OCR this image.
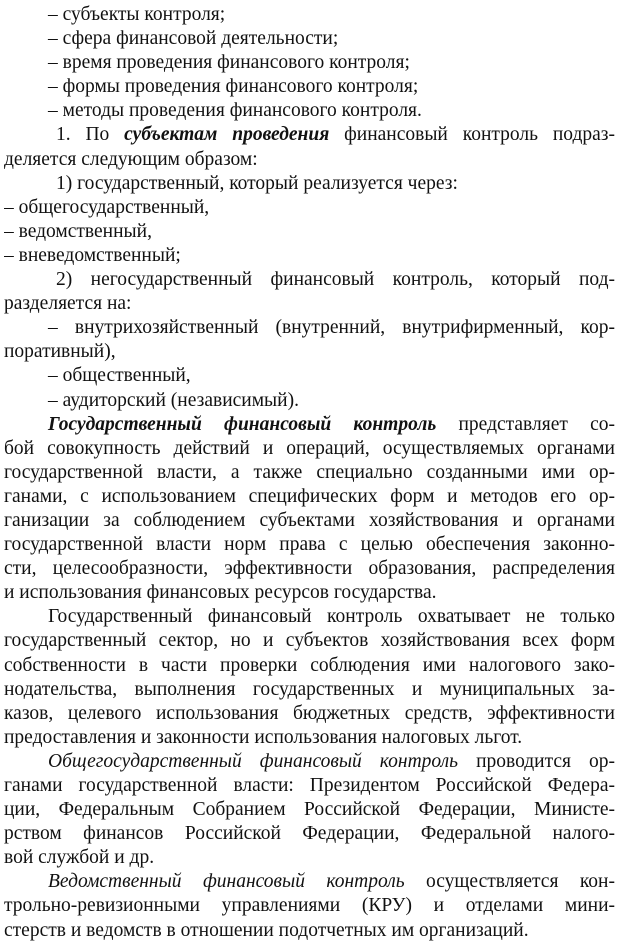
– субъекты контроля;
– сфера финансовой деятельности;
– время проведения финансового контроля;
– формы проведения финансового контроля;
– методы проведения финансового контроля.
1. По субъектам проведения финансовый контроль подраз-
деляется следующим образом:
1) государственный, который реализуется через:
– общегосударственный,
– ведомственный,
– вневедомственный;
2) негосударственный финансовый контроль, который под-
разделяется на:
– внутрихозяйственный (внутренний, внутрифирменный, кор-
поративный),
– общественный,
– аудиторский (независимый).
Государственный финансовый контроль представляет со-
бой совокупность действий и операций, осуществляемых органами
государственной власти, а также специально созданными ими ор-
ганами, с использованием специфических форм и методов его ор-
ганизации за соблюдением субъектами хозяйствования и органами
государственной власти норм права с целью обеспечения законно-
сти, целесообразности, эффективности образования, распределения
и использования финансовых ресурсов государства.
Государственный финансовый контроль охватывает не только
государственный сектор, но и субъектов хозяйствования всех форм
собственности в части проверки соблюдения ими налогового зако-
нодательства, выполнения государственных и муниципальных за-
казов, целевого использования бюджетных средств, эффективности
предоставления и законности использования налоговых льгот.
Общегосударственный финансовый контроль проводится ор-
ганами государственной власти: Президентом Российской Федера-
ции, Федеральным Собранием Российской Федерации, Министе-
рством финансов Российской Федерации, Федеральной налого-
вой службой и др.
Ведомственный финансовый контроль осуществляется кон-
трольно-ревизионными управлениями (КРУ) и отделами мини-
стерств и ведомств в отношении подотчетных им организаций.
